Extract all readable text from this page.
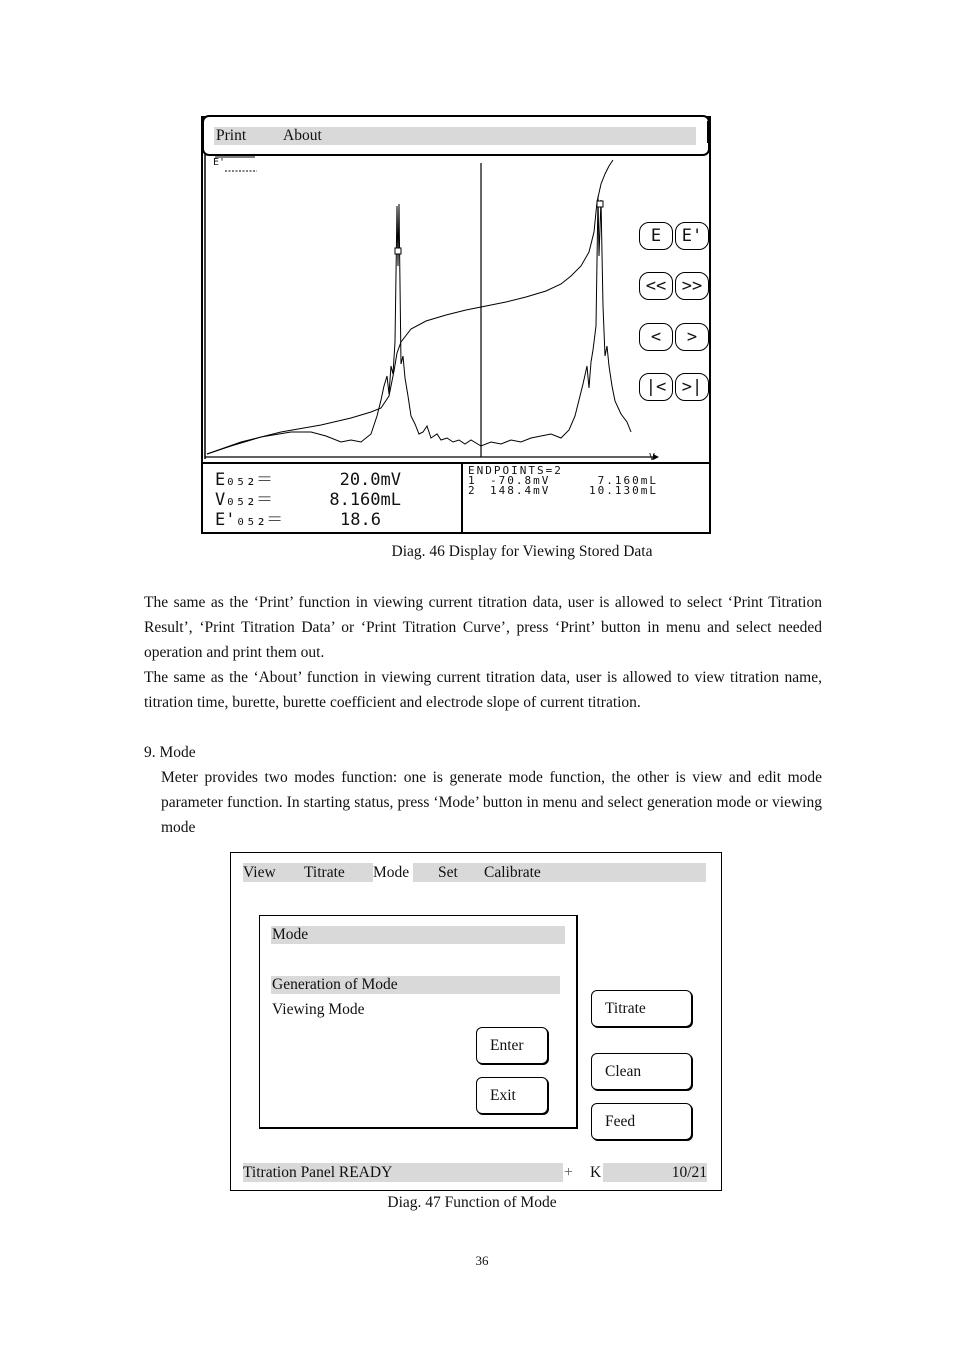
E'
V
E	E'
<< >>
<	>
|< >|
E₀₅₂＝	20.0mV
V₀₅₂＝	8.160mL
E'₀₅₂＝	18.6
ENDPOINTS=2
1 -70.8mV	7.160mL
2 148.4mV	10.130mL
Print About
Diag. 46 Display for Viewing Stored Data
The same as the ‘Print’ function in viewing current titration data, user is allowed to select ‘Print Titration Result’, ‘Print Titration Data’ or ‘Print Titration Curve’, press ‘Print’ button in menu and select needed operation and print them out.
The same as the ‘About’ function in viewing current titration data, user is allowed to view titration name, titration time, burette, burette coefficient and electrode slope of current titration.
9. Mode
Meter provides two modes function: one is generate mode function, the other is view and edit mode parameter function. In starting status, press ‘Mode’ button in menu and select generation mode or viewing mode
View Titrate Mode Set Calibrate
Mode
Generation of Mode
Viewing Mode
Enter
Exit
Titrate
Clean
Feed
Titration Panel READY	+ K	10/21
Diag. 47 Function of Mode
36
